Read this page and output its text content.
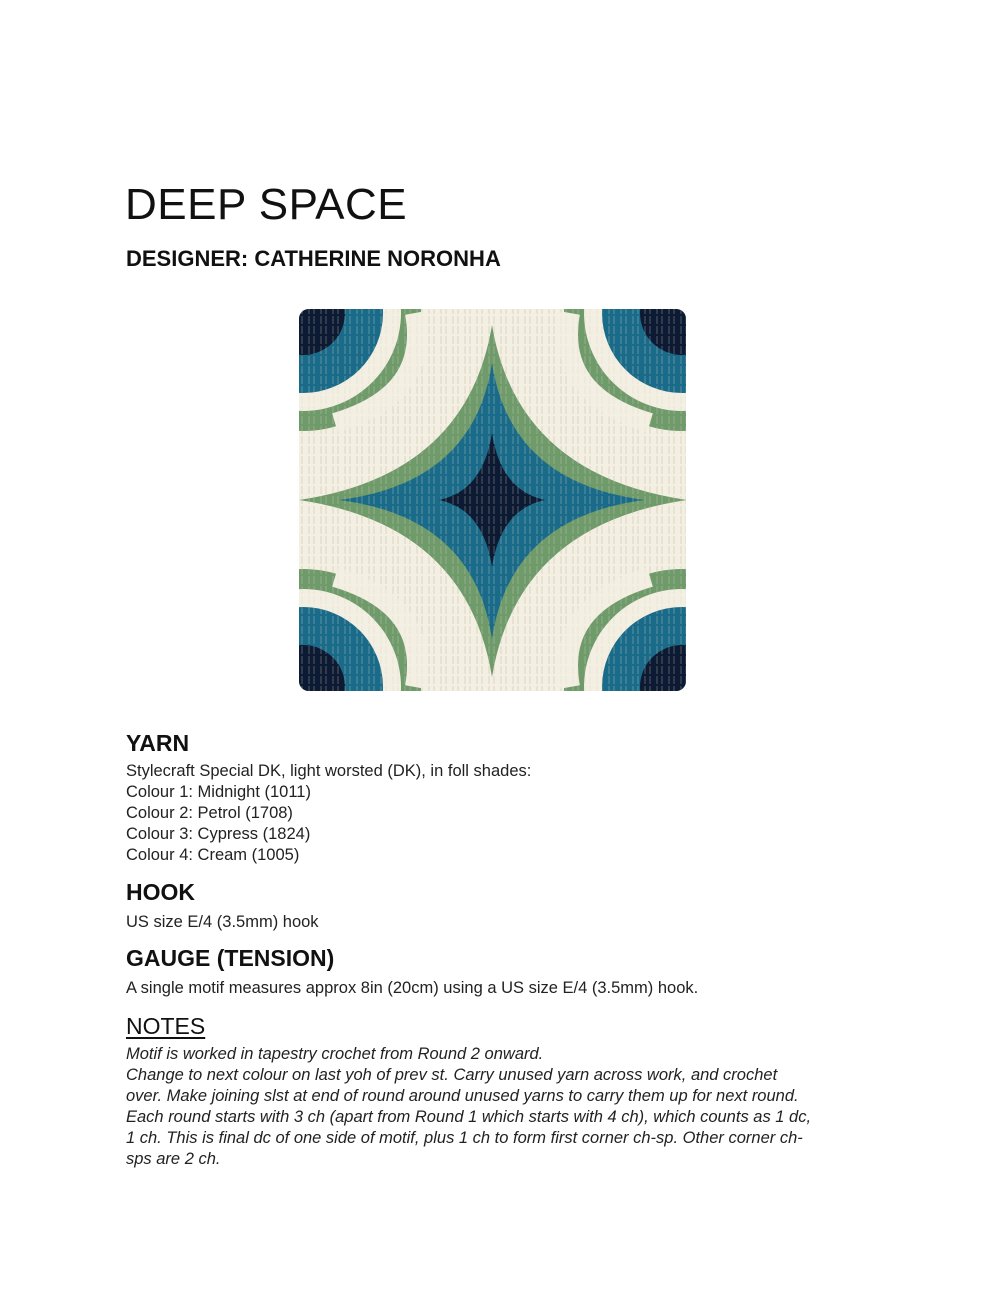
DEEP SPACE
DESIGNER: CATHERINE NORONHA
YARN

Stylecraft Special DK, light worsted (DK), in foll shades:

Colour 1: Midnight (1011)

Colour 2: Petrol (1708)

Colour 3: Cypress (1824)

Colour 4: Cream (1005)

HOOK

US size E/4 (3.5mm) hook

GAUGE (TENSION)

A single motif measures approx 8in (20cm) using a US size E/4 (3.5mm) hook.

NOTES

Motif is worked in tapestry crochet from Round 2 onward.

Change to next colour on last yoh of prev st. Carry unused yarn across work, and crochet

over. Make joining slst at end of round around unused yarns to carry them up for next round.

Each round starts with 3 ch (apart from Round 1 which starts with 4 ch), which counts as 1 dc,

1 ch. This is final dc of one side of motif, plus 1 ch to form first corner ch-sp. Other corner ch-

sps are 2 ch.
